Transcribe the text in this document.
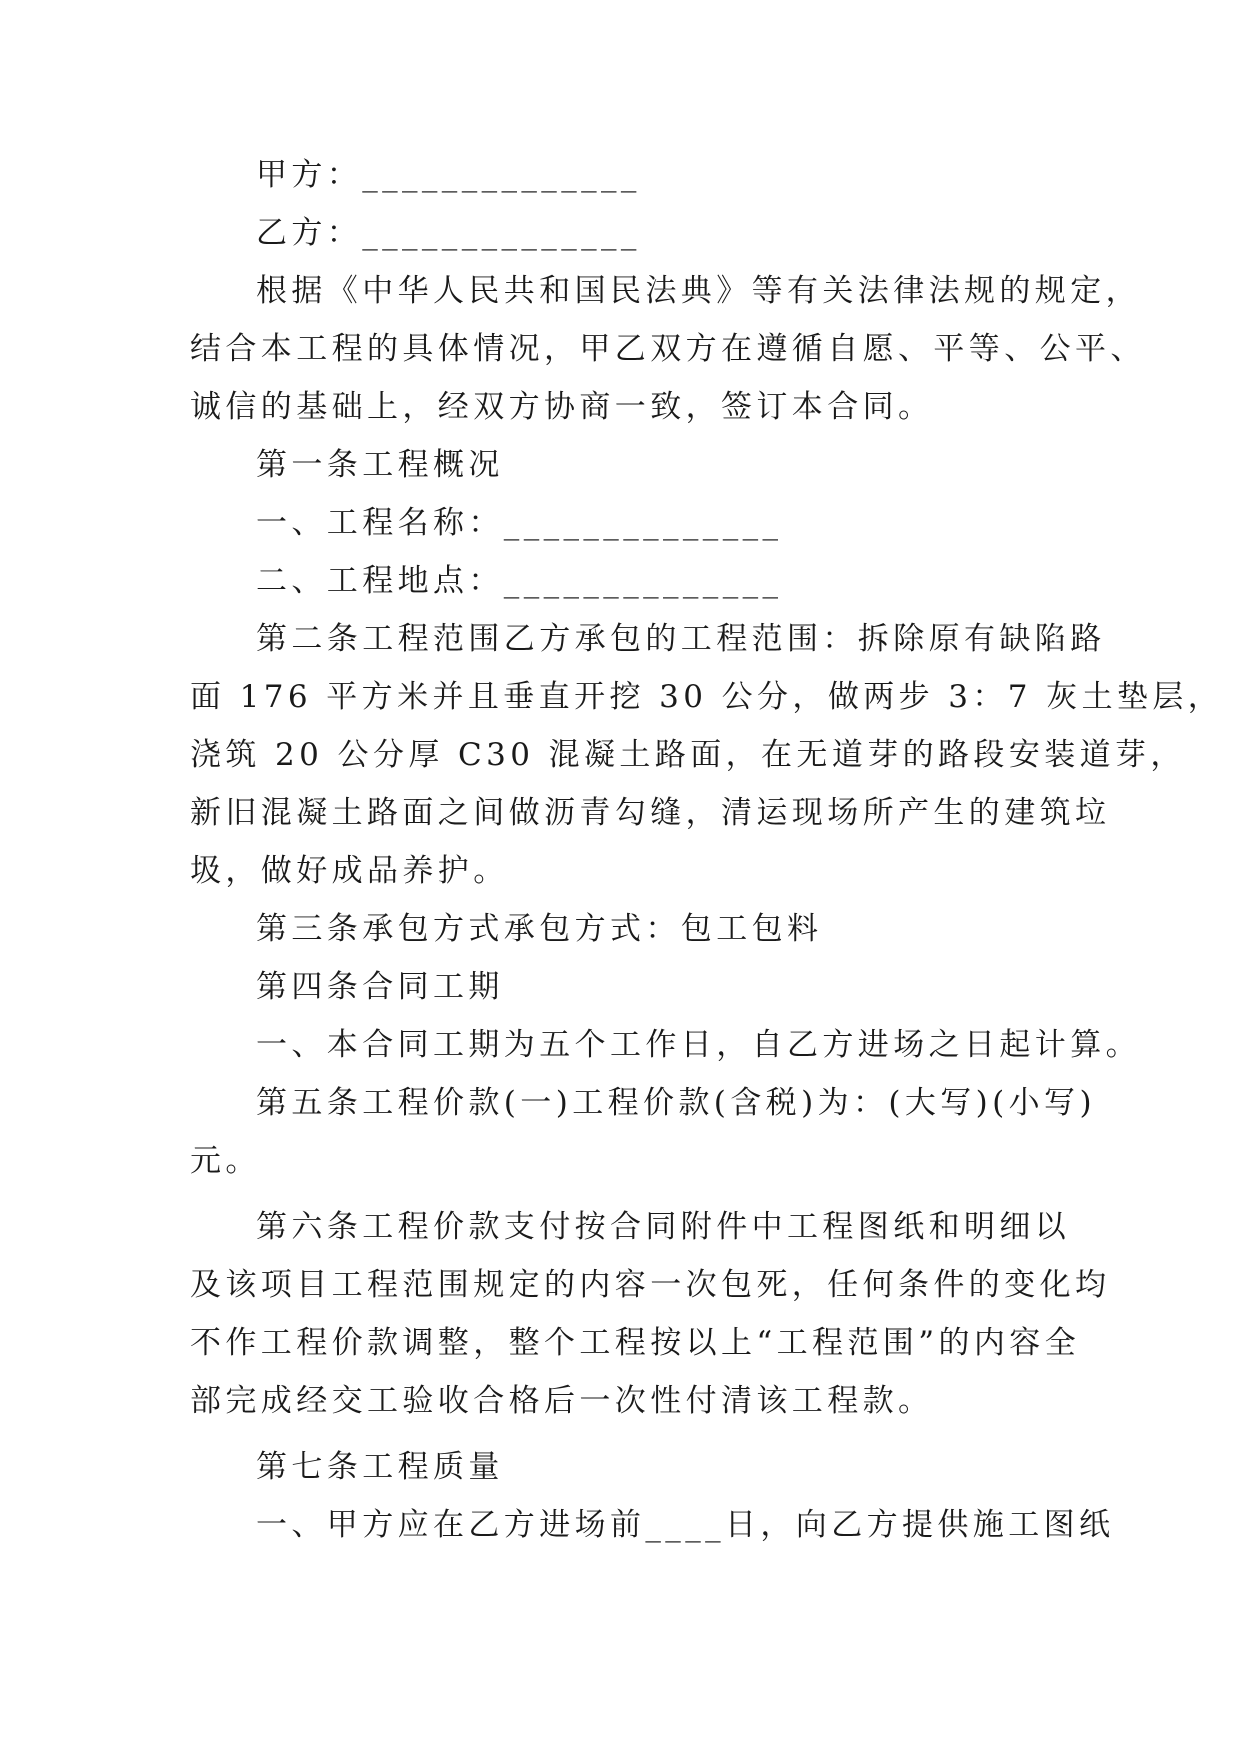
甲方：______________
乙方：______________
根据《中华人民共和国民法典》等有关法律法规的规定，
结合本工程的具体情况，甲乙双方在遵循自愿、平等、公平、
诚信的基础上，经双方协商一致，签订本合同。
第一条工程概况
一、工程名称：______________
二、工程地点：______________
第二条工程范围乙方承包的工程范围：拆除原有缺陷路
面 176 平方米并且垂直开挖 30 公分，做两步 3：7 灰土垫层，
浇筑 20 公分厚 C30 混凝土路面，在无道芽的路段安装道芽，
新旧混凝土路面之间做沥青勾缝，清运现场所产生的建筑垃
圾，做好成品养护。
第三条承包方式承包方式：包工包料
第四条合同工期
一、本合同工期为五个工作日，自乙方进场之日起计算。
第五条工程价款(一)工程价款(含税)为：(大写)(小写)
元。
第六条工程价款支付按合同附件中工程图纸和明细以
及该项目工程范围规定的内容一次包死，任何条件的变化均
不作工程价款调整，整个工程按以上“工程范围”的内容全
部完成经交工验收合格后一次性付清该工程款。
第七条工程质量
一、甲方应在乙方进场前____日，向乙方提供施工图纸
